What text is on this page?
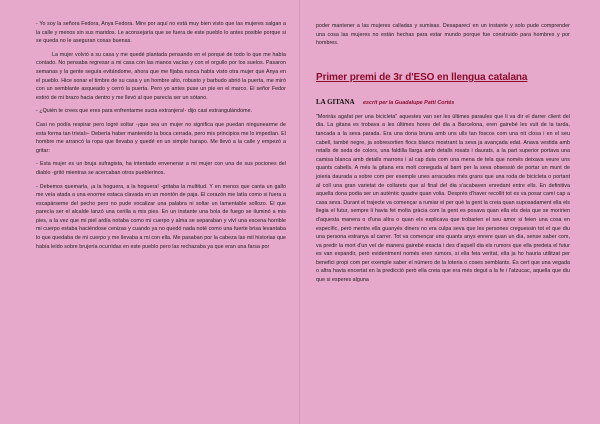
- Yo soy la señora Fedora, Anya Fedora. Mire por aquí no está muy bien visto que las mujeres salgan a la calle y menos sin sus maridos. Le aconsejaría que se fuera de este pueblo lo antes posible porque si se queda no le aseguran cosas buenas.

La mujer volvió a su casa y me quedé plantada pensando en el porqué de todo lo que me había contado. No pensaba regresar a mi casa con las manos vacías y con el orgullo por los suelos. Pasaron semanas y la gente seguía evitándome, ahora que me fijaba nunca había visto otra mujer que Anya en el pueblo. Hice sonar el timbre de su casa y un hombre alto, robusto y barbudo abrió la puerta, me miró con un semblante asqueado y cerró la puerta. Pero yo antes puse un pie en el marco. El señor Fedor estiró de mi brazo hacia dentro y me llevó al que parecía ser un sótano.

- ¿Quién te crees que eres para enfrentarme sucia extranjera!- dijo casi estrangulándome.

Casi no podía respirar pero logré soltar -¡que sea un mujer no significa que puedan ningunearme de esta forma tan trivial»- Debería haber mantenido la boca cerrada, pero mis principios me lo impedían. El hombre me arrancó la ropa que llevaba y quedé en un simple harapo. Me llevó a la calle y empezó a gritar:

- Esta mujer es un bruja sufragista, ha intentado envenenar a mi mujer con una de sus pociones del diablo -gritó mientras se acercaban otros pueblerinos.

- Debemos quemarla, ¡a la hoguera, a la hoguera! -gritaba la multitud. Y en menos que canta un gallo me veía atada a una enorme estaca clavada en un montón de paja. El corazón me latía como si fuera a escapárseme del pecho pero no pude vocalizar una palabra ni soltar un lamentable sollozo. El que parecía ser el alcalde lanzó una cerilla a mis pies. En un instante una bola de fuego se iluminó a mis pies, a la vez que mi piel ardía notaba como mi cuerpo y alma se separaban y viví una escena horrible mi cuerpo estaba haciéndose cenizas y cuando ya no quedó nada noté como una fuerte brisa levantaba lo que quedaba de mi cuerpo y me llevaba a mi con ella. Me pasaban por la cabeza las mil historias que había leído sobre brujería ocurridas en este pueblo pero las rechazaba ya que eran una farsa por

poder mantener a las mujeres calladas y sumisas. Desaparecí en un instante y solo pude comprender una cosa las mujeres no están hechas para estar mundo porque fue construido para hombres y por hombres.

Primer premi de 3r d'ESO en llengua catalana
LA GITANA escrit per la Guadalupe Patti Cortés

"Morirás agafat per una bicicleta" aquestes van ser les últimes paraules que li va dir el darrer client del dia. La gitana es trobava a les últimes hores del dia a Barcelona, eren gairebé les vuit de la tarda, tancada a la seva parada. Era una dona bruna amb uns ulls tan foscos com una nit closa i en el seu cabell, també negre, ja sobresortien flocs blancs mostrant la seva ja avançada edat. Anava vestida amb retalls de seda de colors, una faldilla llarga amb detalls rosats i daurats, a la part superior portava una camisa blanca amb detalls marrons i al cap duia com una mena de tela que només deixava veure uns quants cabells. A més la gitana era molt coneguda al barri per la seva obsessió de portar un munt de joieria daurada a sobre com per exemple unes arracades més grans que una roda de bicicleta o portant al coll una gran varietat de collarets que al final del dia s'acabaven enredant entre ells. En definitiva aquella dona podia ser un autèntic quadre quan volia. Després d'haver recollit tot es va posar camí cap a casa seva. Durant el trajecte va començar a rumiar el per què la gent la creia quan suposadament ella els llegia el futur, sempre li havia fet molta gràcia com la gent es posava quan ella els deia que se moririen d'aquesta manera o d'una altra o quan els explicava que trobarien el seu amor si feien una cosa en específic, però mentre ella guanyés diners no era culpa seva que les persones creguessin tot el que diu una persona estranya al carrer. Tot va començar uns quants anys enrere quan un dia, sense saber com, va predir la mort d'un veí de manera gairebé exacta i des d'aquell dia els rumors que ella predeia el futur es van expandir, però evidentment només eren rumors, si ella feia veritat, ella ja ho hauria utilitzat per benefici propi com per exemple saber el número de la loteria o coses semblants. És cert que una vegada o altra havia encertat en la predicció però ella creia que era més degut a la fe i l'atzucac, aquella que diu que si esperes alguna
